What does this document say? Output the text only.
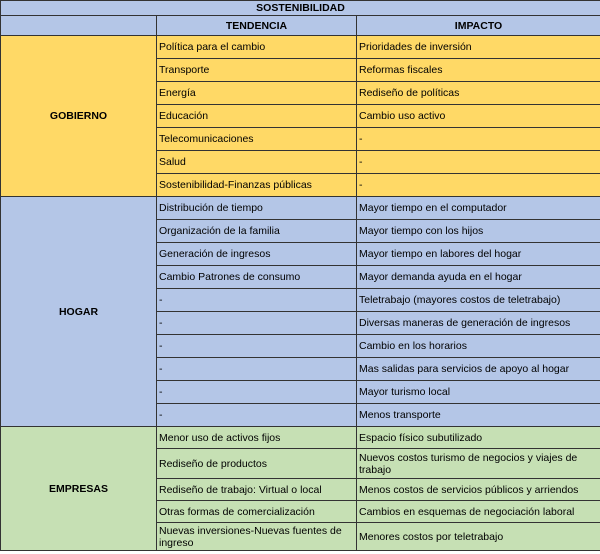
SOSTENIBILIDAD		
	TENDENCIA	IMPACTO
GOBIERNO	Política para el cambio	Prioridades de inversión
	Transporte	Reformas fiscales
	Energía	Rediseño de políticas
	Educación	Cambio uso activo
	Telecomunicaciones	-
	Salud	-
	Sostenibilidad-Finanzas públicas	-
HOGAR	Distribución de tiempo	Mayor tiempo en el computador
	Organización de la familia	Mayor tiempo con los hijos
	Generación de ingresos	Mayor tiempo en labores del hogar
	Cambio Patrones de consumo	Mayor demanda ayuda en el hogar
	-	Teletrabajo (mayores costos de teletrabajo)
	-	Diversas maneras de generación de ingresos
	-	Cambio en los horarios
	-	Mas salidas para servicios de apoyo al hogar
	-	Mayor turismo local
	-	Menos transporte
EMPRESAS	Menor uso de activos fijos	Espacio físico subutilizado
	Rediseño de productos	Nuevos costos turismo de negocios y viajes de trabajo
	Rediseño de trabajo: Virtual o local	Menos costos de servicios públicos y arriendos
	Otras formas de comercialización	Cambios en esquemas de negociación laboral
	Nuevas inversiones-Nuevas fuentes de ingreso	Menores costos por teletrabajo
